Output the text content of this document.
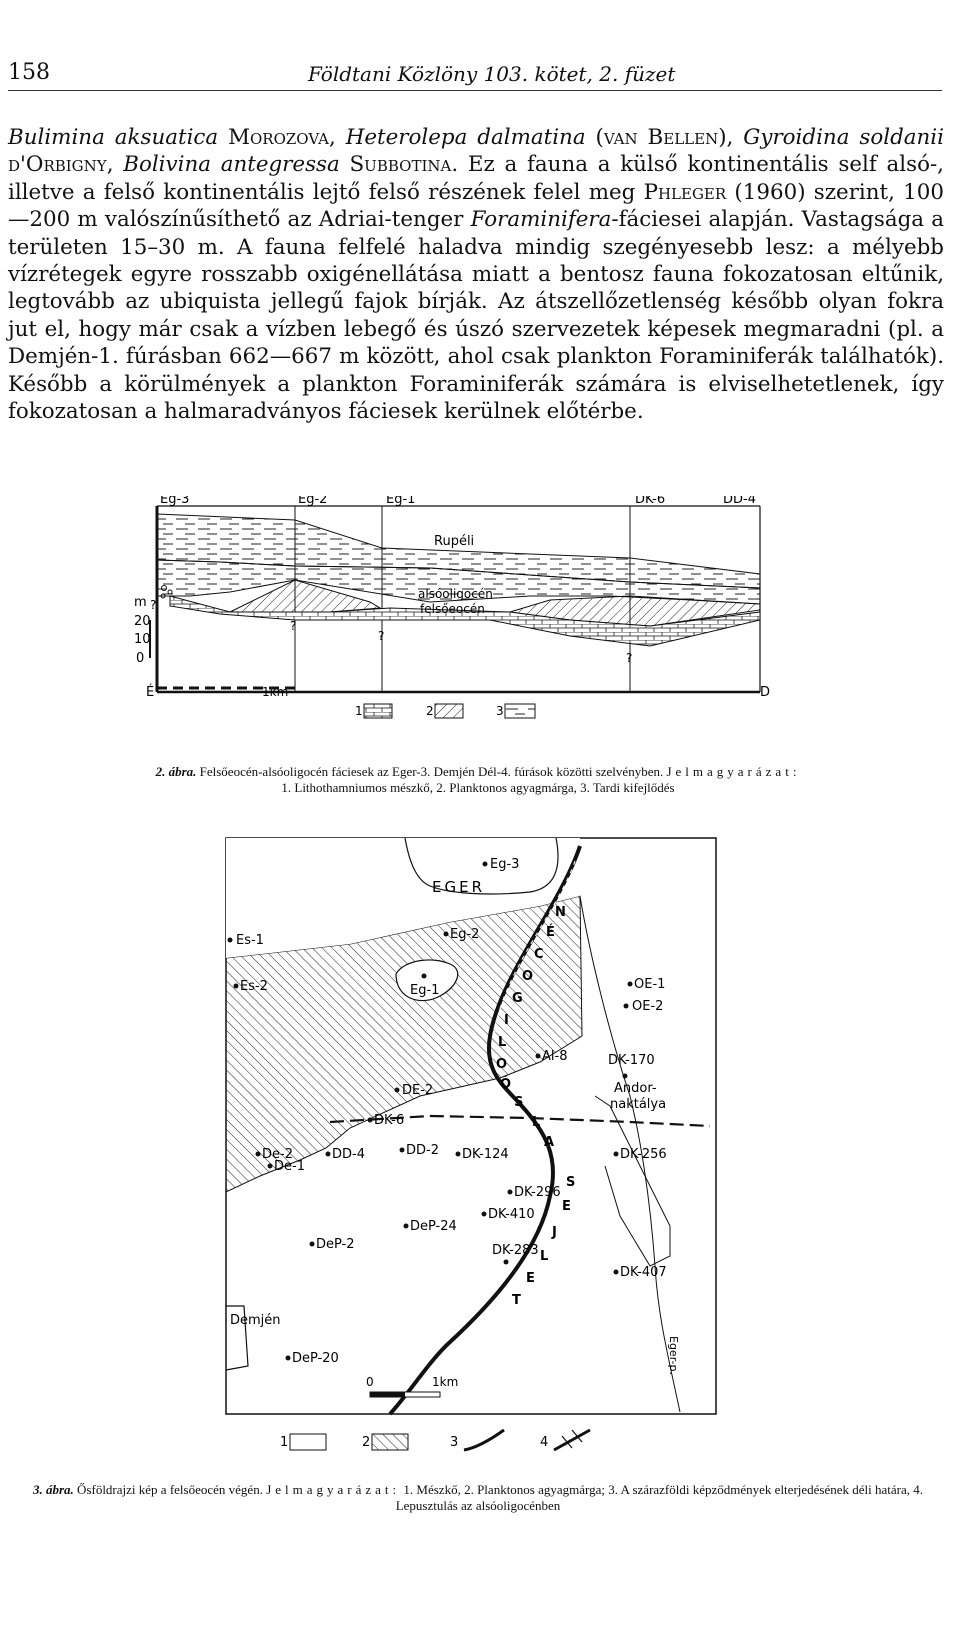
158	Földtani Közlöny 103. kötet, 2. füzet
Bulimina aksuatica Morozova, Heterolepa dalmatina (van Bellen), Gyroidina soldanii d'Orbigny, Bolivina antegressa Subbotina. Ez a fauna a külső kontinentális self alsó-, illetve a felső kontinentális lejtő felső részének felel meg Phleger (1960) szerint, 100—200 m valószínűsíthető az Adriai-tenger Foraminifera-fáciesei alapján. Vastagsága a területen 15–30 m. A fauna felfelé haladva mindig szegényesebb lesz: a mélyebb vízrétegek egyre rosszabb oxigénellátása miatt a bentosz fauna fokozatosan eltűnik, legtovább az ubiquista jellegű fajok bírják. Az átszellőzetlenség később olyan fokra jut el, hogy már csak a vízben lebegő és úszó szervezetek képesek megmaradni (pl. a Demjén-1. fúrásban 662—667 m között, ahol csak plankton Foraminiferák találhatók). Később a körülmények a plankton Foraminiferák számára is elviselhetetlenek, így fokozatosan a halmaradványos fáciesek kerülnek előtérbe.
Eg-3	Eg-2	Eg-1	DK-6	DD-4
Rupéli
alsóoligocén
felsőeocén
m
20
10
0
?
?
?
?
É	D
1km
1	2	3
2. ábra. Felsőeocén-alsóoligocén fáciesek az Eger-3. Demjén Dél-4. fúrások közötti szelvényben. Jelmagyarázat:
1. Lithothamniumos mészkő, 2. Planktonos agyagmárga, 3. Tardi kifejlődés
Eg-3
EGER
Eg-2
Eg-1
Es-1
Es-2	OE-1
OE-2
Al-8	DK-170
Andor-
naktálya
DE-2
DK-6
De-2
De-1
DD-4	DD-2 DK-124	DK-256
DK-296
DK-410
DeP-24
DeP-2	DK-283
DK-407
Demjén
DeP-20	Eger-p.
N
É
C
O
G
I
L
O
Ó
S
L
A
S
E
J
L
E
T
0	1km
1	2	3	4
3. ábra. Ősföldrajzi kép a felsőeocén végén. Jelmagyarázat: 1. Mészkő, 2. Planktonos agyagmárga; 3. A szárazföldi képződmények elterjedésének déli határa, 4. Lepusztulás az alsóoligocénben
